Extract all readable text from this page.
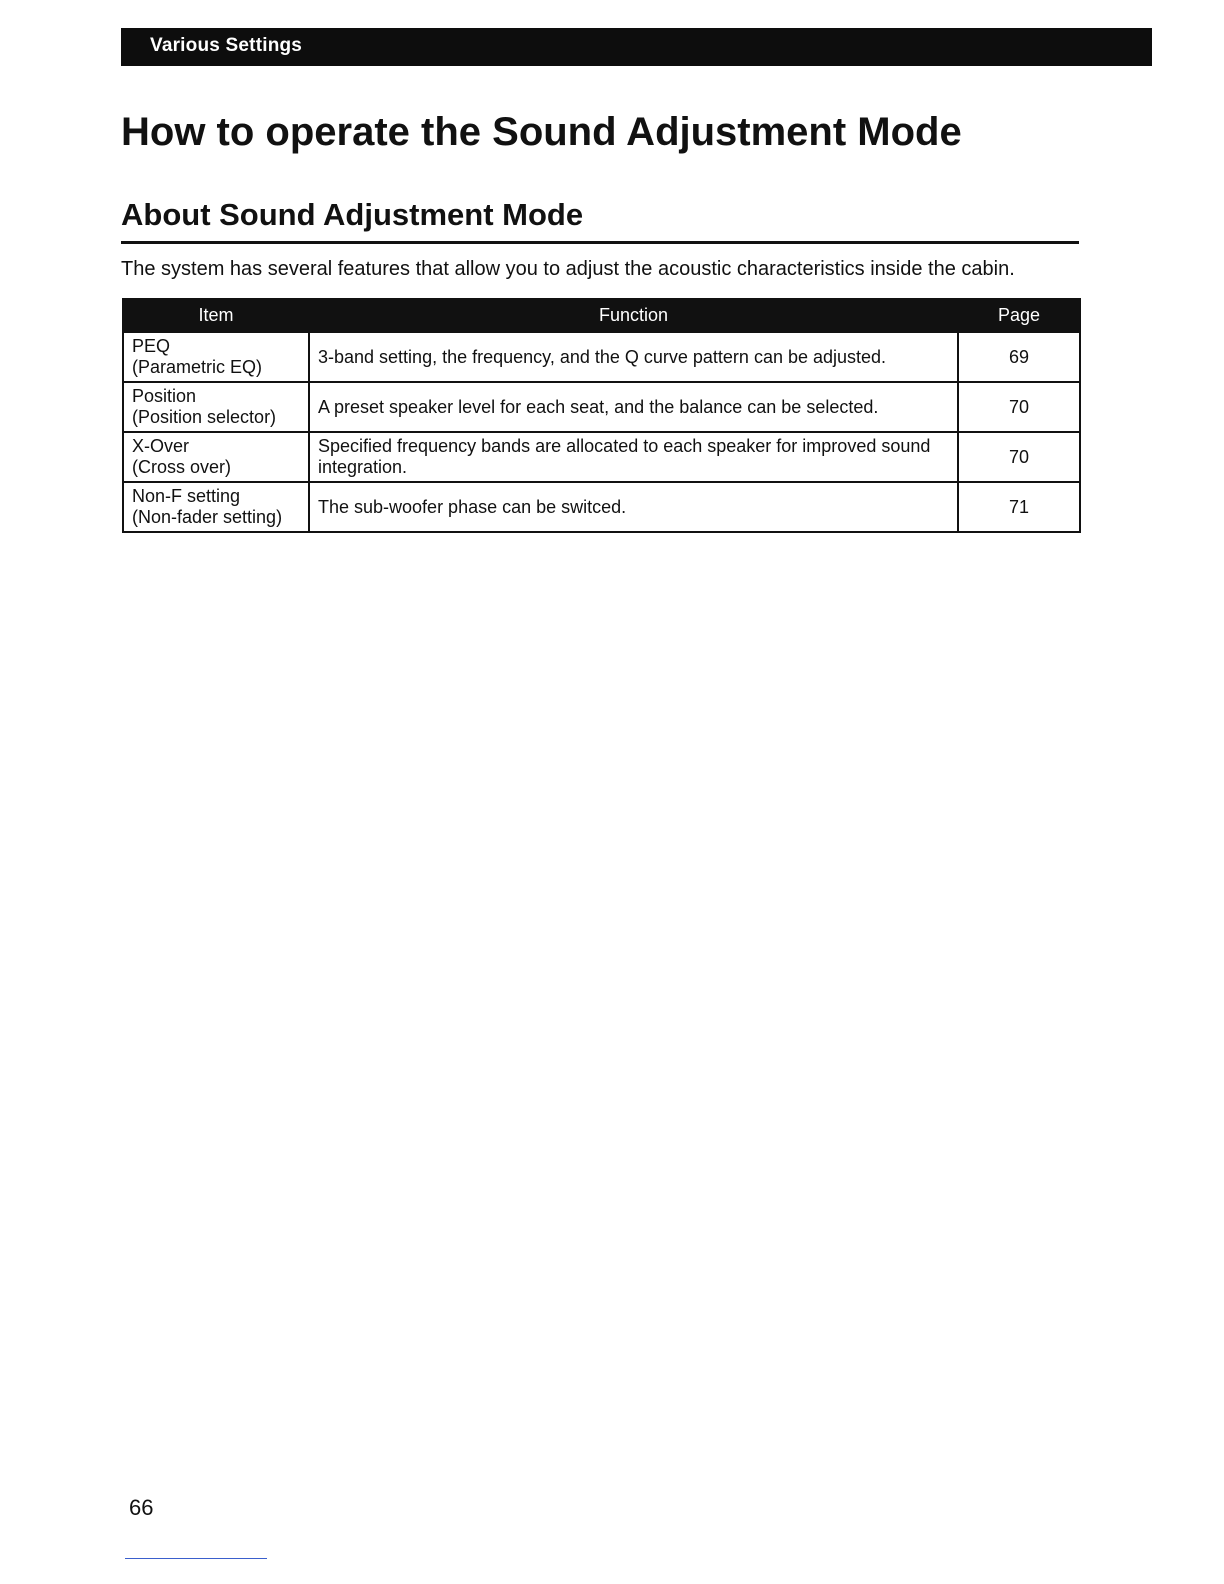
Various Settings
How to operate the Sound Adjustment Mode
About Sound Adjustment Mode

The system has several features that allow you to adjust the acoustic characteristics inside the cabin.

Item	Function	Page

PEQ
(Parametric EQ)	3-band setting, the frequency, and the Q curve pattern can be adjusted.	69

Position
(Position selector)	A preset speaker level for each seat, and the balance can be selected.	70

X-Over
(Cross over)	Specified frequency bands are allocated to each speaker for improved sound integration.	70

Non-F setting
(Non-fader setting)	The sub-woofer phase can be switced.	71
66
